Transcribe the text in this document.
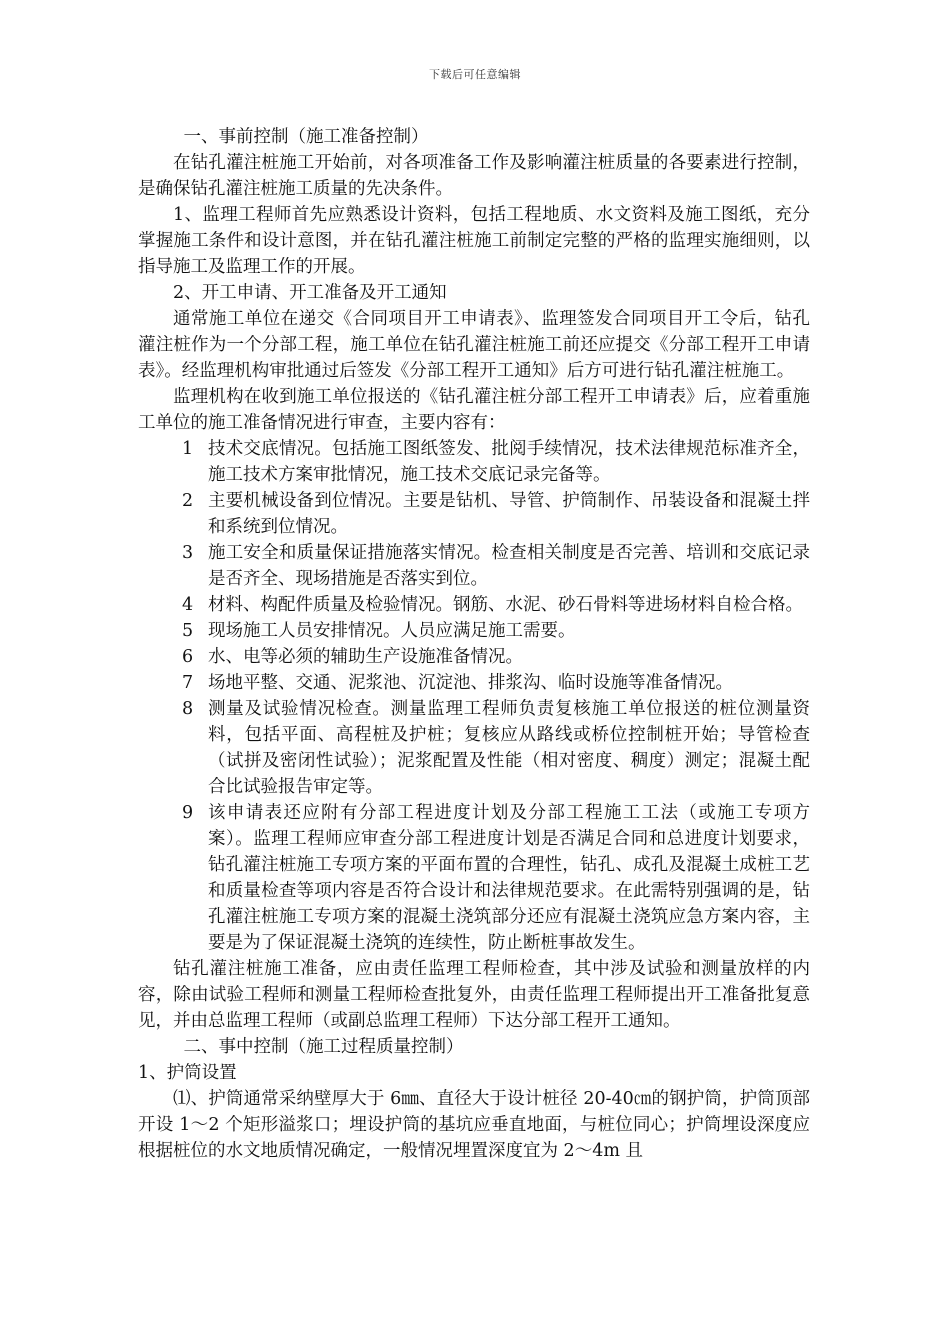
下载后可任意编辑

一、事前控制（施工准备控制）

在钻孔灌注桩施工开始前，对各项准备工作及影响灌注桩质量的各要素进行控制，是确保钻孔灌注桩施工质量的先决条件。

1、监理工程师首先应熟悉设计资料，包括工程地质、水文资料及施工图纸，充分掌握施工条件和设计意图，并在钻孔灌注桩施工前制定完整的严格的监理实施细则，以指导施工及监理工作的开展。

2、开工申请、开工准备及开工通知

通常施工单位在递交《合同项目开工申请表》、监理签发合同项目开工令后，钻孔灌注桩作为一个分部工程，施工单位在钻孔灌注桩施工前还应提交《分部工程开工申请表》。经监理机构审批通过后签发《分部工程开工通知》后方可进行钻孔灌注桩施工。

监理机构在收到施工单位报送的《钻孔灌注桩分部工程开工申请表》后，应着重施工单位的施工准备情况进行审查，主要内容有：

1 技术交底情况。包括施工图纸签发、批阅手续情况，技术法律规范标准齐全，施工技术方案审批情况，施工技术交底记录完备等。
2 主要机械设备到位情况。主要是钻机、导管、护筒制作、吊装设备和混凝土拌和系统到位情况。
3 施工安全和质量保证措施落实情况。检查相关制度是否完善、培训和交底记录是否齐全、现场措施是否落实到位。
4 材料、构配件质量及检验情况。钢筋、水泥、砂石骨料等进场材料自检合格。
5 现场施工人员安排情况。人员应满足施工需要。
6 水、电等必须的辅助生产设施准备情况。
7 场地平整、交通、泥浆池、沉淀池、排浆沟、临时设施等准备情况。
8 测量及试验情况检查。测量监理工程师负责复核施工单位报送的桩位测量资料，包括平面、高程桩及护桩；复核应从路线或桥位控制桩开始；导管检查（试拼及密闭性试验）；泥浆配置及性能（相对密度、稠度）测定；混凝土配合比试验报告审定等。
9 该申请表还应附有分部工程进度计划及分部工程施工工法（或施工专项方案）。监理工程师应审查分部工程进度计划是否满足合同和总进度计划要求，钻孔灌注桩施工专项方案的平面布置的合理性，钻孔、成孔及混凝土成桩工艺和质量检查等项内容是否符合设计和法律规范要求。在此需特别强调的是，钻孔灌注桩施工专项方案的混凝土浇筑部分还应有混凝土浇筑应急方案内容，主要是为了保证混凝土浇筑的连续性，防止断桩事故发生。

钻孔灌注桩施工准备，应由责任监理工程师检查，其中涉及试验和测量放样的内容，除由试验工程师和测量工程师检查批复外，由责任监理工程师提出开工准备批复意见，并由总监理工程师（或副总监理工程师）下达分部工程开工通知。

二、事中控制（施工过程质量控制）

1、护筒设置

⑴、护筒通常采纳壁厚大于 6㎜、直径大于设计桩径 20-40㎝的钢护筒，护筒顶部开设 1～2 个矩形溢浆口；埋设护筒的基坑应垂直地面，与桩位同心；护筒埋设深度应根据桩位的水文地质情况确定，一般情况埋置深度宜为 2～4m 且
